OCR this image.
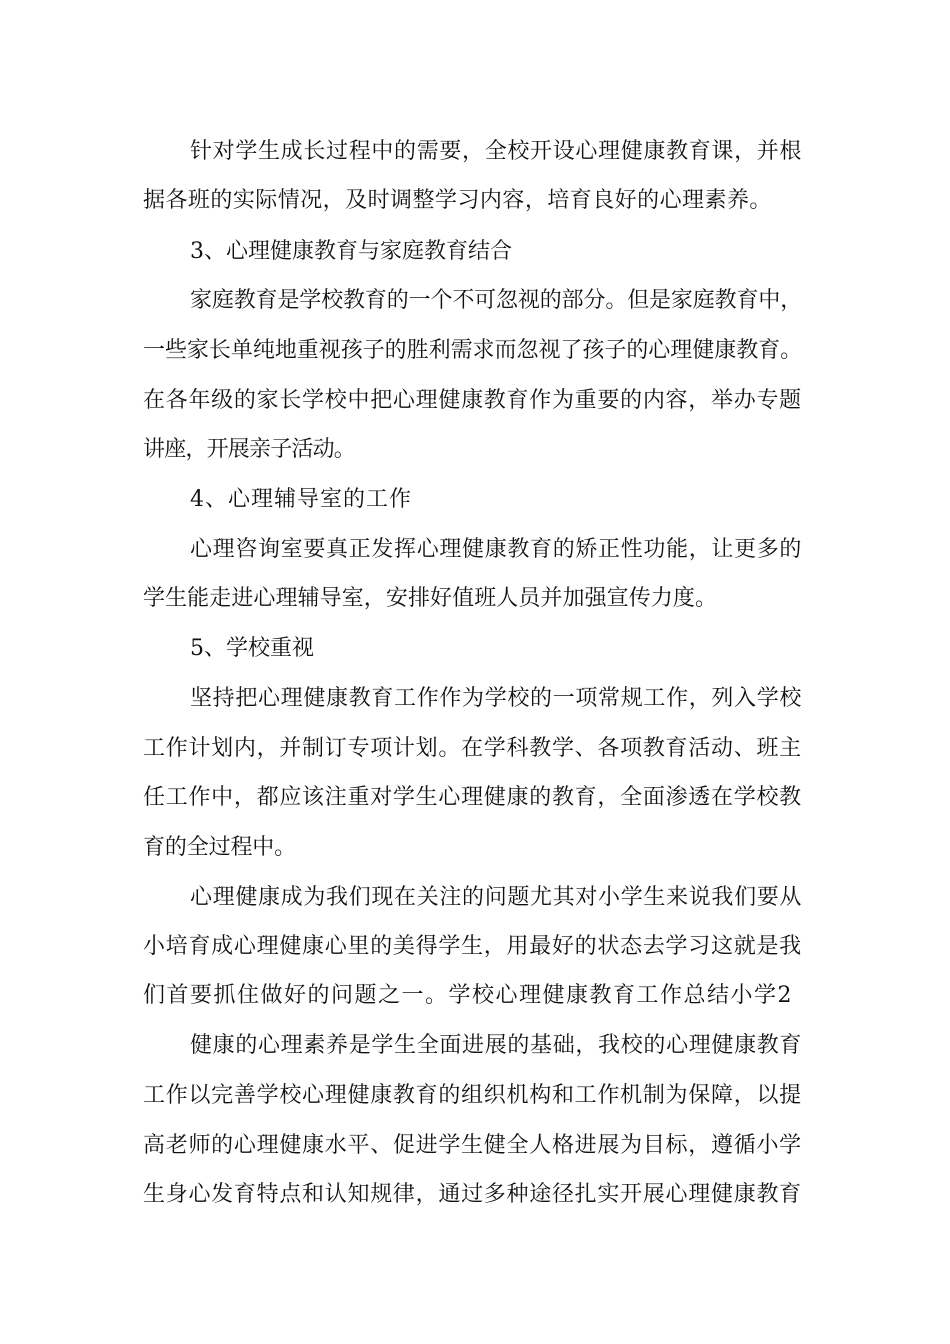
针对学生成长过程中的需要，全校开设心理健康教育课，并根
据各班的实际情况，及时调整学习内容，培育良好的心理素养。
3、心理健康教育与家庭教育结合
家庭教育是学校教育的一个不可忽视的部分。但是家庭教育中，
一些家长单纯地重视孩子的胜利需求而忽视了孩子的心理健康教育。
在各年级的家长学校中把心理健康教育作为重要的内容，举办专题
讲座，开展亲子活动。
4、心理辅导室的工作
心理咨询室要真正发挥心理健康教育的矫正性功能，让更多的
学生能走进心理辅导室，安排好值班人员并加强宣传力度。
5、学校重视
坚持把心理健康教育工作作为学校的一项常规工作，列入学校
工作计划内，并制订专项计划。在学科教学、各项教育活动、班主
任工作中，都应该注重对学生心理健康的教育，全面渗透在学校教
育的全过程中。
心理健康成为我们现在关注的问题尤其对小学生来说我们要从
小培育成心理健康心里的美得学生，用最好的状态去学习这就是我
们首要抓住做好的问题之一。学校心理健康教育工作总结小学2
健康的心理素养是学生全面进展的基础，我校的心理健康教育
工作以完善学校心理健康教育的组织机构和工作机制为保障，以提
高老师的心理健康水平、促进学生健全人格进展为目标，遵循小学
生身心发育特点和认知规律，通过多种途径扎实开展心理健康教育
